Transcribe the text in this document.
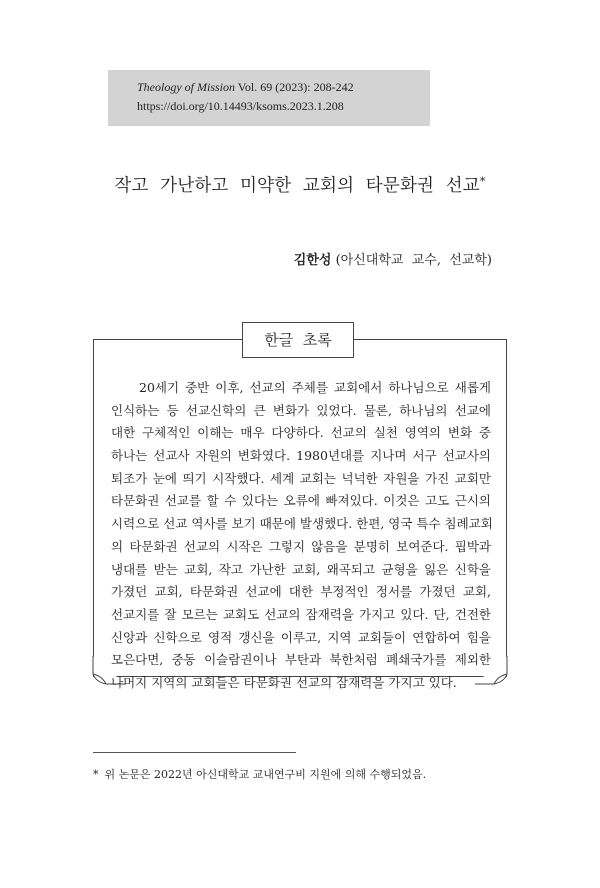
Theology of Mission Vol. 69 (2023): 208-242
https://doi.org/10.14493/ksoms.2023.1.208
작고  가난하고  미약한  교회의  타문화권  선교*
김한성 (아신대학교  교수,  선교학)
한글  초록
20세기 중반 이후, 선교의 주체를 교회에서 하나님으로 새롭게
인식하는 등 선교신학의 큰 변화가 있었다. 물론, 하나님의 선교에
대한 구체적인 이해는 매우 다양하다. 선교의 실천 영역의 변화 중
하나는 선교사 자원의 변화였다. 1980년대를 지나며 서구 선교사의
퇴조가 눈에 띄기 시작했다. 세계 교회는 넉넉한 자원을 가진 교회만
타문화권 선교를 할 수 있다는 오류에 빠져있다. 이것은 고도 근시의
시력으로 선교 역사를 보기 때문에 발생했다. 한편, 영국 특수 침례교회
의 타문화권 선교의 시작은 그렇지 않음을 분명히 보여준다. 핍박과
냉대를 받는 교회, 작고 가난한 교회, 왜곡되고 균형을 잃은 신학을
가졌던 교회, 타문화권 선교에 대한 부정적인 정서를 가졌던 교회,
선교지를 잘 모르는 교회도 선교의 잠재력을 가지고 있다. 단, 건전한
신앙과 신학으로 영적 갱신을 이루고, 지역 교회들이 연합하여 힘을
모은다면, 중동 이슬람권이나 부탄과 북한처럼 폐쇄국가를 제외한
나머지 지역의 교회들은 타문화권 선교의 잠재력을 가지고 있다.
* 위 논문은 2022년 아신대학교 교내연구비 지원에 의해 수행되었음.
